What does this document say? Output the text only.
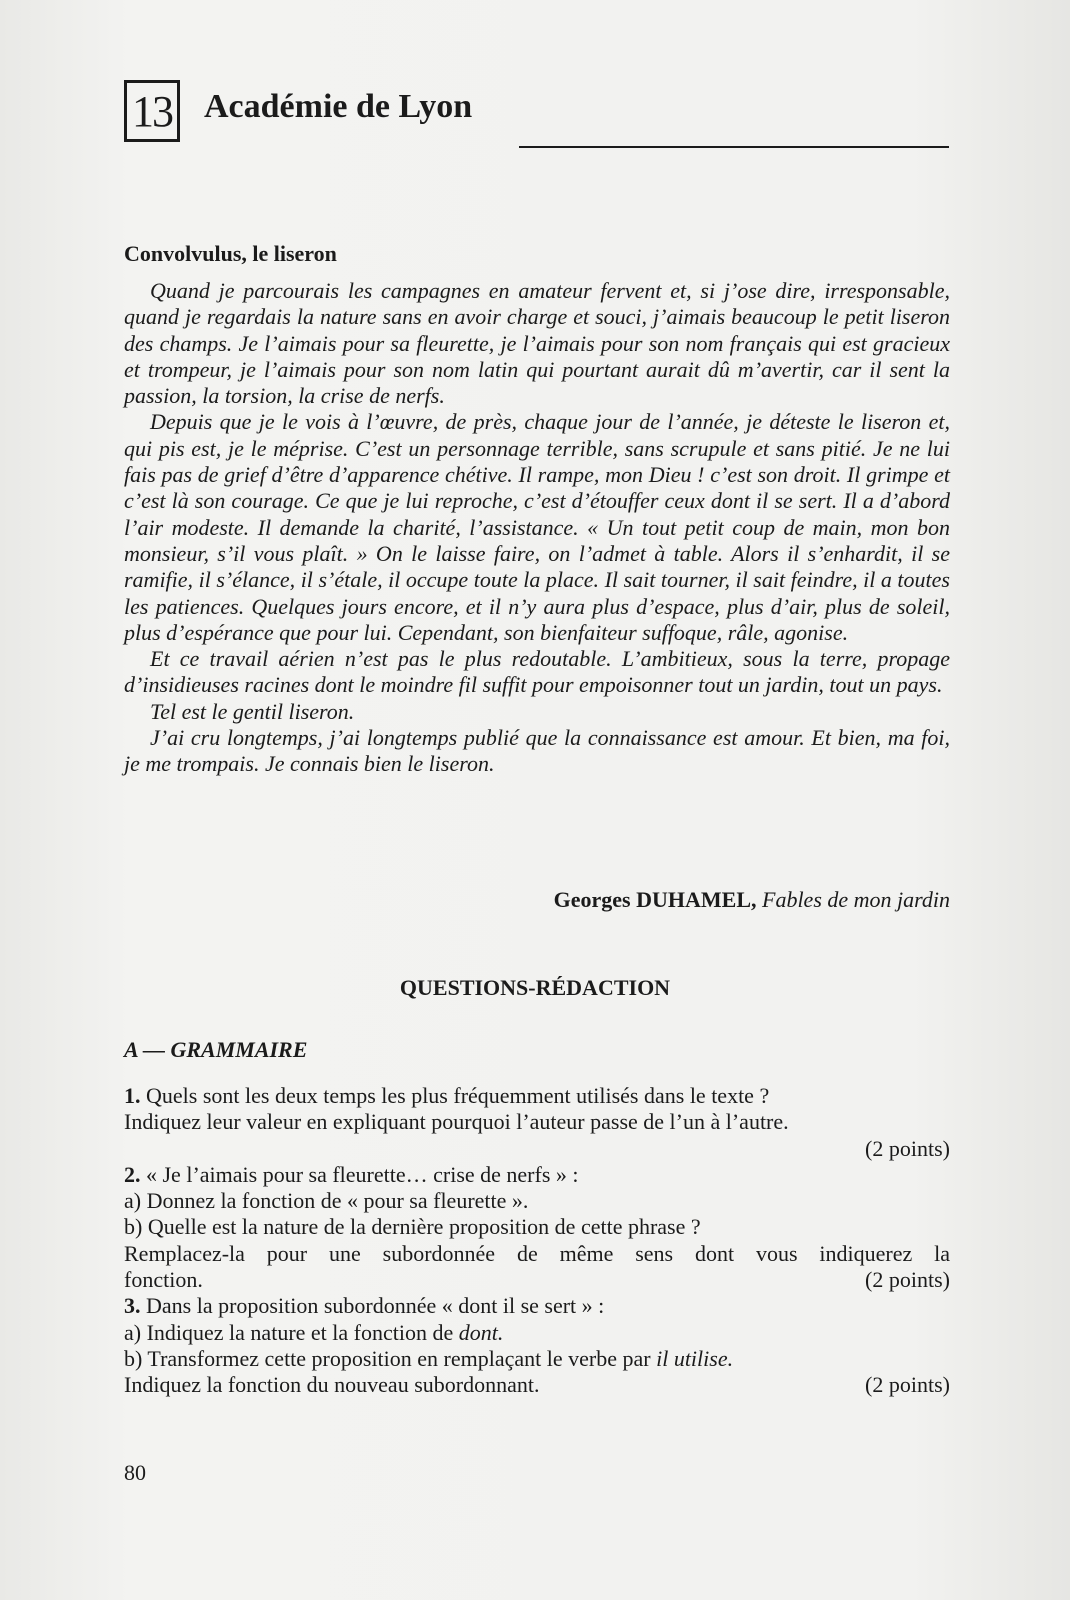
13 Académie de Lyon
Convolvulus, le liseron

Quand je parcourais les campagnes en amateur fervent et, si j’ose dire, irresponsable, quand je regardais la nature sans en avoir charge et souci, j’aimais beaucoup le petit liseron des champs. Je l’aimais pour sa fleurette, je l’aimais pour son nom français qui est gracieux et trompeur, je l’aimais pour son nom latin qui pourtant aurait dû m’avertir, car il sent la passion, la torsion, la crise de nerfs.

Depuis que je le vois à l’œuvre, de près, chaque jour de l’année, je déteste le liseron et, qui pis est, je le méprise. C’est un personnage terrible, sans scrupule et sans pitié. Je ne lui fais pas de grief d’être d’apparence chétive. Il rampe, mon Dieu ! c’est son droit. Il grimpe et c’est là son courage. Ce que je lui reproche, c’est d’étouffer ceux dont il se sert. Il a d’abord l’air modeste. Il demande la charité, l’assistance. « Un tout petit coup de main, mon bon monsieur, s’il vous plaît. » On le laisse faire, on l’admet à table. Alors il s’enhardit, il se ramifie, il s’élance, il s’étale, il occupe toute la place. Il sait tourner, il sait feindre, il a toutes les patiences. Quelques jours encore, et il n’y aura plus d’espace, plus d’air, plus de soleil, plus d’espérance que pour lui. Cependant, son bienfaiteur suffoque, râle, agonise.

Et ce travail aérien n’est pas le plus redoutable. L’ambitieux, sous la terre, propage d’insidieuses racines dont le moindre fil suffit pour empoisonner tout un jardin, tout un pays.

Tel est le gentil liseron.

J’ai cru longtemps, j’ai longtemps publié que la connaissance est amour. Et bien, ma foi, je me trompais. Je connais bien le liseron.

Georges DUHAMEL, Fables de mon jardin
QUESTIONS-RÉDACTION
A — GRAMMAIRE
1. Quels sont les deux temps les plus fréquemment utilisés dans le texte ?
Indiquez leur valeur en expliquant pourquoi l’auteur passe de l’un à l’autre.
(2 points)
2. « Je l’aimais pour sa fleurette… crise de nerfs » :
a) Donnez la fonction de « pour sa fleurette ».
b) Quelle est la nature de la dernière proposition de cette phrase ?
Remplacez-la pour une subordonnée de même sens dont vous indiquerez la
fonction.	(2 points)
3. Dans la proposition subordonnée « dont il se sert » :
a) Indiquez la nature et la fonction de dont.
b) Transformez cette proposition en remplaçant le verbe par il utilise.
Indiquez la fonction du nouveau subordonnant.	(2 points)
80
